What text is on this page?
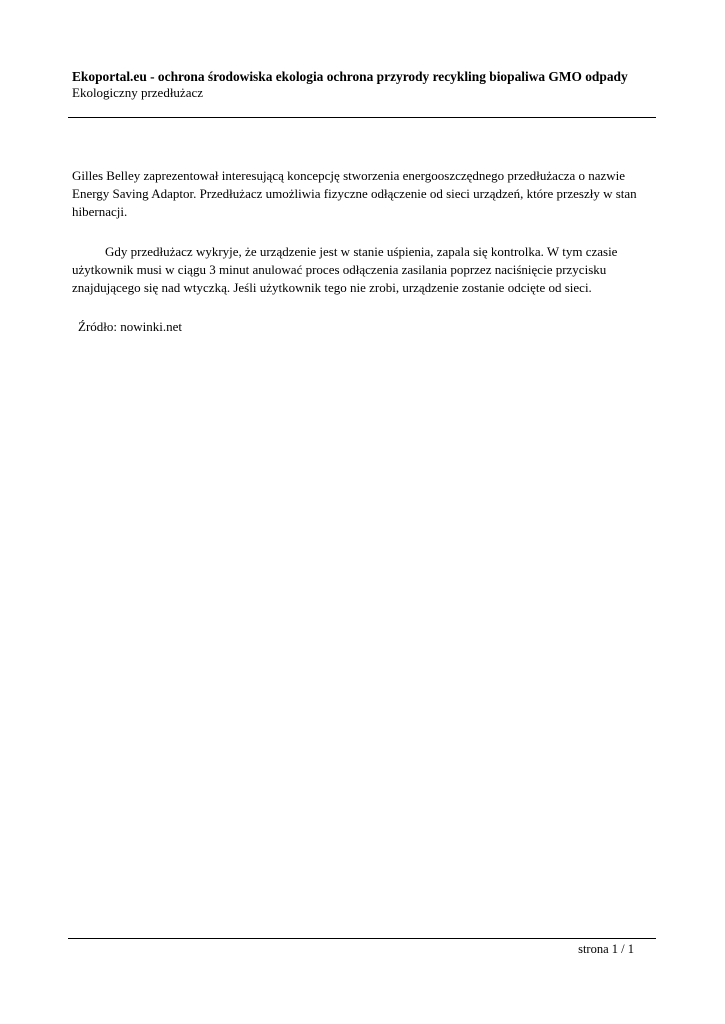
Ekoportal.eu - ochrona środowiska ekologia ochrona przyrody recykling biopaliwa GMO odpady
Ekologiczny przedłużacz
Gilles Belley zaprezentował interesującą koncepcję stworzenia energooszczędnego przedłużacza o nazwie Energy Saving Adaptor. Przedłużacz umożliwia fizyczne odłączenie od sieci urządzeń, które przeszły w stan hibernacji.
Gdy przedłużacz wykryje, że urządzenie jest w stanie uśpienia, zapala się kontrolka. W tym czasie użytkownik musi w ciągu 3 minut anulować proces odłączenia zasilania poprzez naciśnięcie przycisku znajdującego się nad wtyczką. Jeśli użytkownik tego nie zrobi, urządzenie zostanie odcięte od sieci.
Źródło: nowinki.net
strona 1 / 1
